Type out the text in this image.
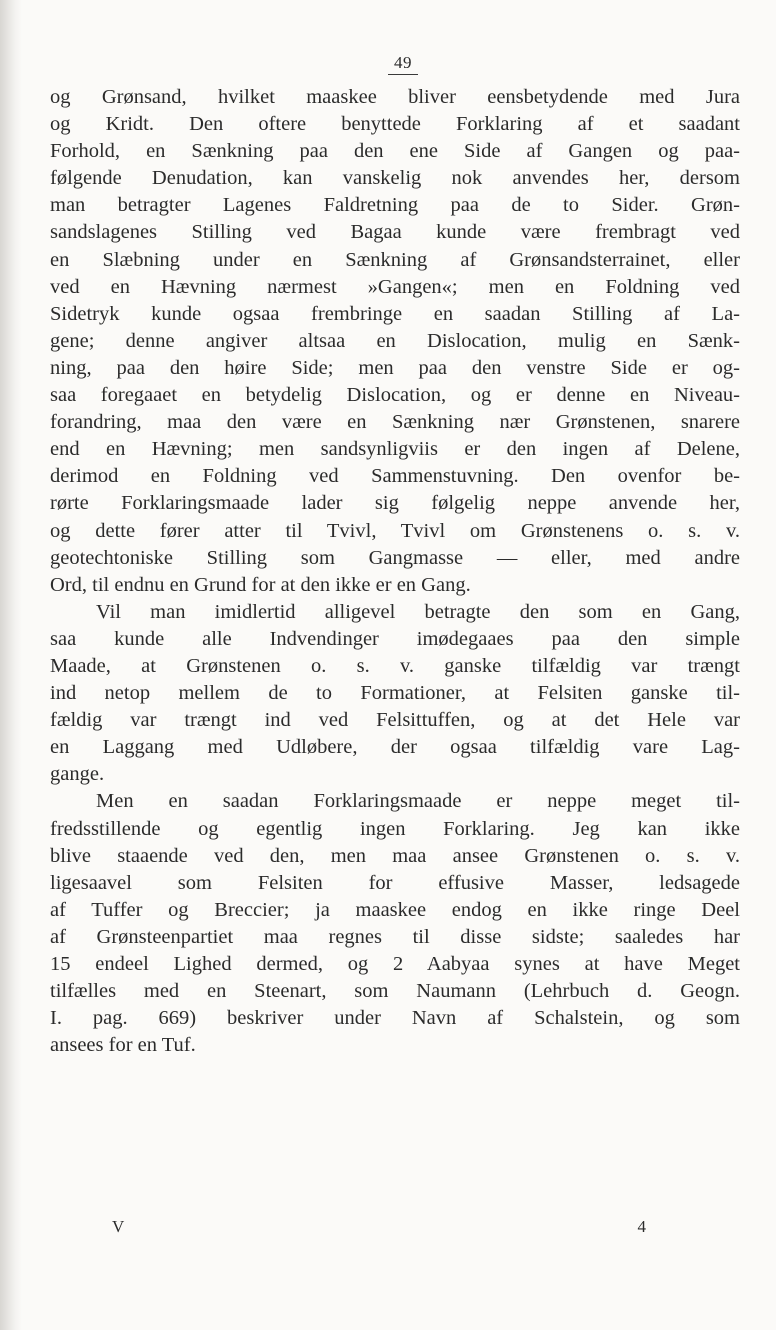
49
og Grønsand, hvilket maaskee bliver eensbetydende med Jura
og Kridt. Den oftere benyttede Forklaring af et saadant
Forhold, en Sænkning paa den ene Side af Gangen og paa-
følgende Denudation, kan vanskelig nok anvendes her, dersom
man betragter Lagenes Faldretning paa de to Sider. Grøn-
sandslagenes Stilling ved Bagaa kunde være frembragt ved
en Slæbning under en Sænkning af Grønsandsterrainet, eller
ved en Hævning nærmest »Gangen«; men en Foldning ved
Sidetryk kunde ogsaa frembringe en saadan Stilling af La-
gene; denne angiver altsaa en Dislocation, mulig en Sænk-
ning, paa den høire Side; men paa den venstre Side er og-
saa foregaaet en betydelig Dislocation, og er denne en Niveau-
forandring, maa den være en Sænkning nær Grønstenen, snarere
end en Hævning; men sandsynligviis er den ingen af Delene,
derimod en Foldning ved Sammenstuvning. Den ovenfor be-
rørte Forklaringsmaade lader sig følgelig neppe anvende her,
og dette fører atter til Tvivl, Tvivl om Grønstenens o. s. v.
geotechtoniske Stilling som Gangmasse — eller, med andre
Ord, til endnu en Grund for at den ikke er en Gang.
Vil man imidlertid alligevel betragte den som en Gang,
saa kunde alle Indvendinger imødegaaes paa den simple
Maade, at Grønstenen o. s. v. ganske tilfældig var trængt
ind netop mellem de to Formationer, at Felsiten ganske til-
fældig var trængt ind ved Felsittuffen, og at det Hele var
en Laggang med Udløbere, der ogsaa tilfældig vare Lag-
gange.
Men en saadan Forklaringsmaade er neppe meget til-
fredsstillende og egentlig ingen Forklaring. Jeg kan ikke
blive staaende ved den, men maa ansee Grønstenen o. s. v.
ligesaavel som Felsiten for effusive Masser, ledsagede
af Tuffer og Breccier; ja maaskee endog en ikke ringe Deel
af Grønsteenpartiet maa regnes til disse sidste; saaledes har
15 endeel Lighed dermed, og 2 Aabyaa synes at have Meget
tilfælles med en Steenart, som Naumann (Lehrbuch d. Geogn.
I. pag. 669) beskriver under Navn af Schalstein, og som
ansees for en Tuf.
V	4
